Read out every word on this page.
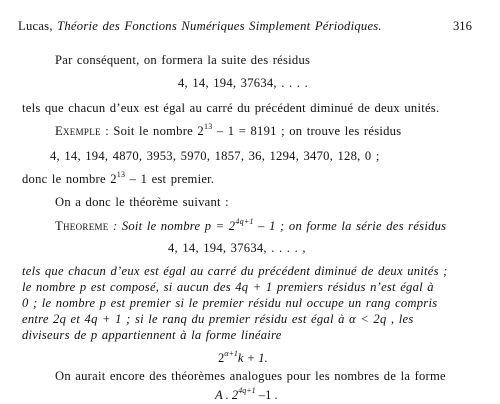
Lucas, Théorie des Fonctions Numériques Simplement Périodiques.	316
Par conséquent, on formera la suite des résidus
4, 14, 194, 37634, . . . .
tels que chacun d’eux est égal au carré du précédent diminué de deux unités.
Exemple : Soit le nombre $2^{13} - 1 = 8191$ ; on trouve les résidus
4, 14, 194, 4870, 3953, 5970, 1857, 36, 1294, 3470, 128, 0 ;
donc le nombre $2^{13} - 1$ est premier.
On a donc le théorème suivant :
Theoreme : Soit le nombre $p = 2^{4q+1} - 1$ ; on forme la série des résidus
4, 14, 194, 37634, . . . . ,
tels que chacun d’eux est égal au carré du précédent diminué de deux unités ;
le nombre p est composé, si aucun des 4q + 1 premiers résidus n’est égal à
0 ; le nombre p est premier si le premier résidu nul occupe un rang compris
entre 2q et 4q + 1 ; si le ranq du premier résidu est égal à α < 2q , les
diviseurs de p appartiennent à la forme linéaire
$2^{\alpha+1}k + 1$.
On aurait encore des théorèmes analogues pour les nombres de la forme
A . $2^{4q+1}$ –1 .
